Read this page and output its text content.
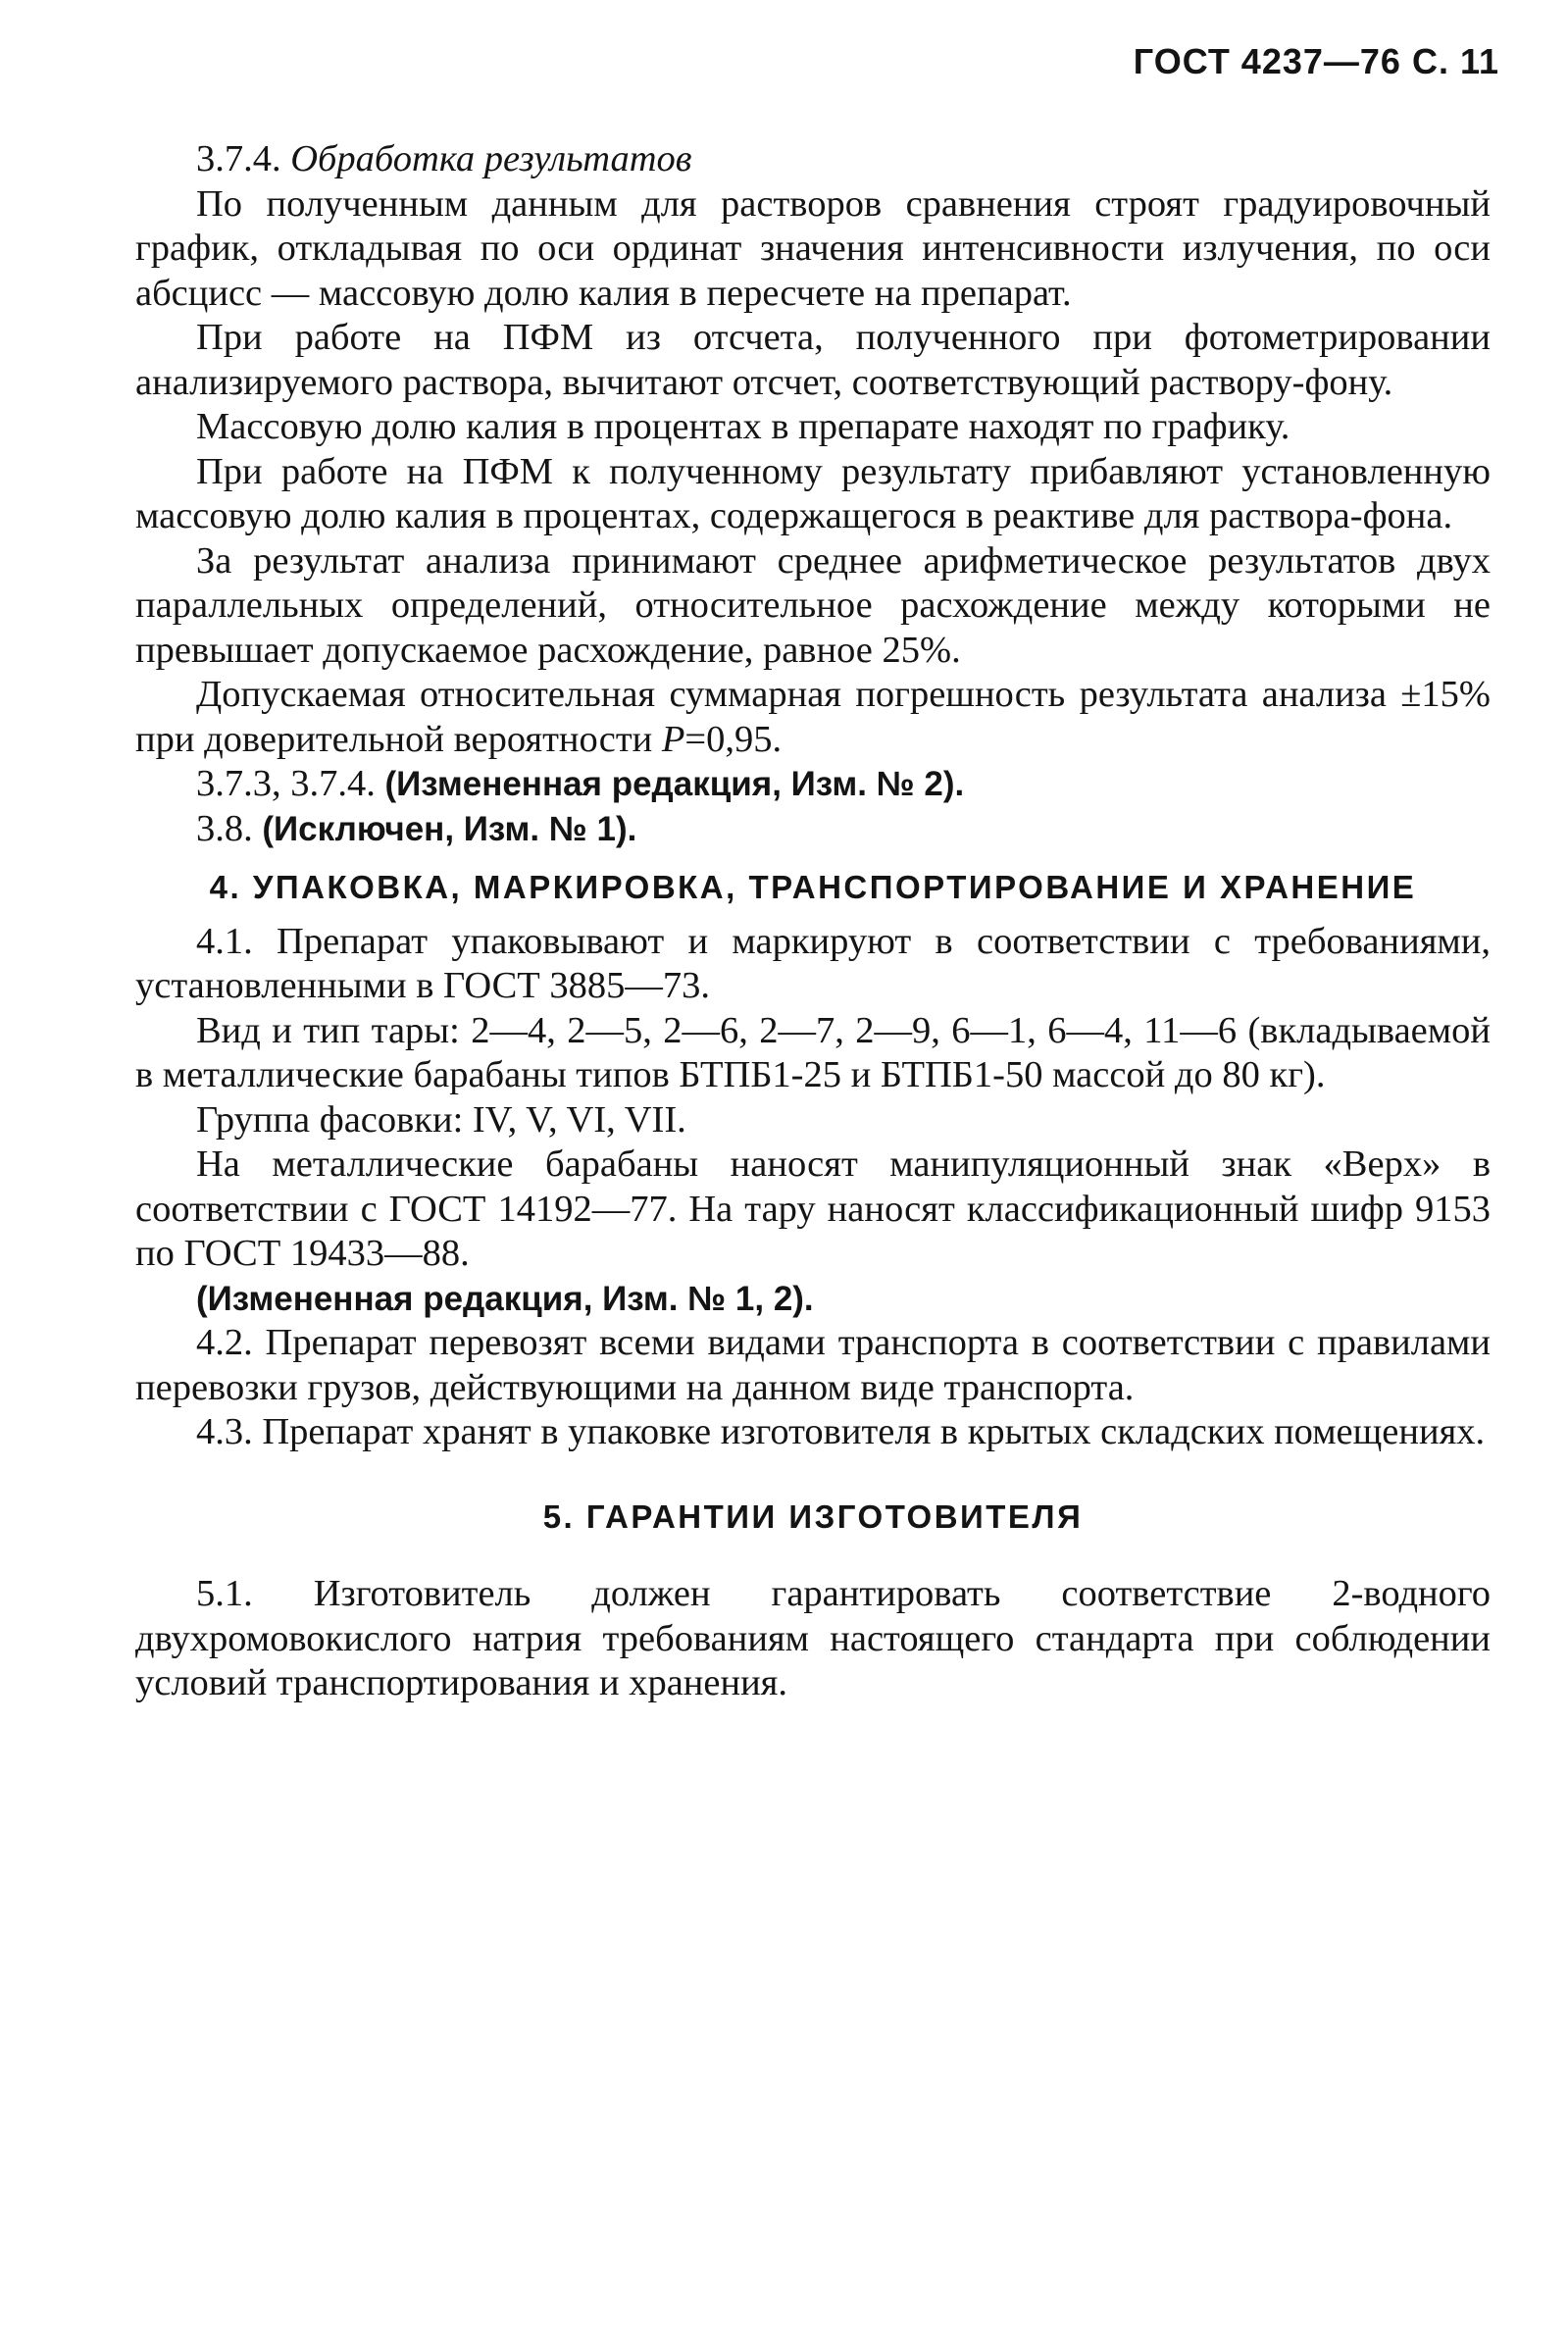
ГОСТ 4237—76 С. 11

3.7.4. Обработка результатов

По полученным данным для растворов сравнения строят градуировочный график, откладывая по оси ординат значения интенсивности излучения, по оси абсцисс — массовую долю калия в пересчете на препарат.

При работе на ПФМ из отсчета, полученного при фотометрировании анализируемого раствора, вычитают отсчет, соответствующий раствору-фону.

Массовую долю калия в процентах в препарате находят по графику.

При работе на ПФМ к полученному результату прибавляют установленную массовую долю калия в процентах, содержащегося в реактиве для раствора-фона.

За результат анализа принимают среднее арифметическое результатов двух параллельных определений, относительное расхождение между которыми не превышает допускаемое расхождение, равное 25%.

Допускаемая относительная суммарная погрешность результата анализа ±15% при доверительной вероятности P=0,95.

3.7.3, 3.7.4. (Измененная редакция, Изм. № 2).

3.8. (Исключен, Изм. № 1).

4. УПАКОВКА, МАРКИРОВКА, ТРАНСПОРТИРОВАНИЕ И ХРАНЕНИЕ

4.1. Препарат упаковывают и маркируют в соответствии с требованиями, установленными в ГОСТ 3885—73.

Вид и тип тары: 2—4, 2—5, 2—6, 2—7, 2—9, 6—1, 6—4, 11—6 (вкладываемой в металлические барабаны типов БТПБ1-25 и БТПБ1-50 массой до 80 кг).

Группа фасовки: IV, V, VI, VII.

На металлические барабаны наносят манипуляционный знак «Верх» в соответствии с ГОСТ 14192—77. На тару наносят классификационный шифр 9153 по ГОСТ 19433—88.

(Измененная редакция, Изм. № 1, 2).

4.2. Препарат перевозят всеми видами транспорта в соответствии с правилами перевозки грузов, действующими на данном виде транспорта.

4.3. Препарат хранят в упаковке изготовителя в крытых складских помещениях.

5. ГАРАНТИИ ИЗГОТОВИТЕЛЯ

5.1. Изготовитель должен гарантировать соответствие 2-водного двухромовокислого натрия требованиям настоящего стандарта при соблюдении условий транспортирования и хранения.
